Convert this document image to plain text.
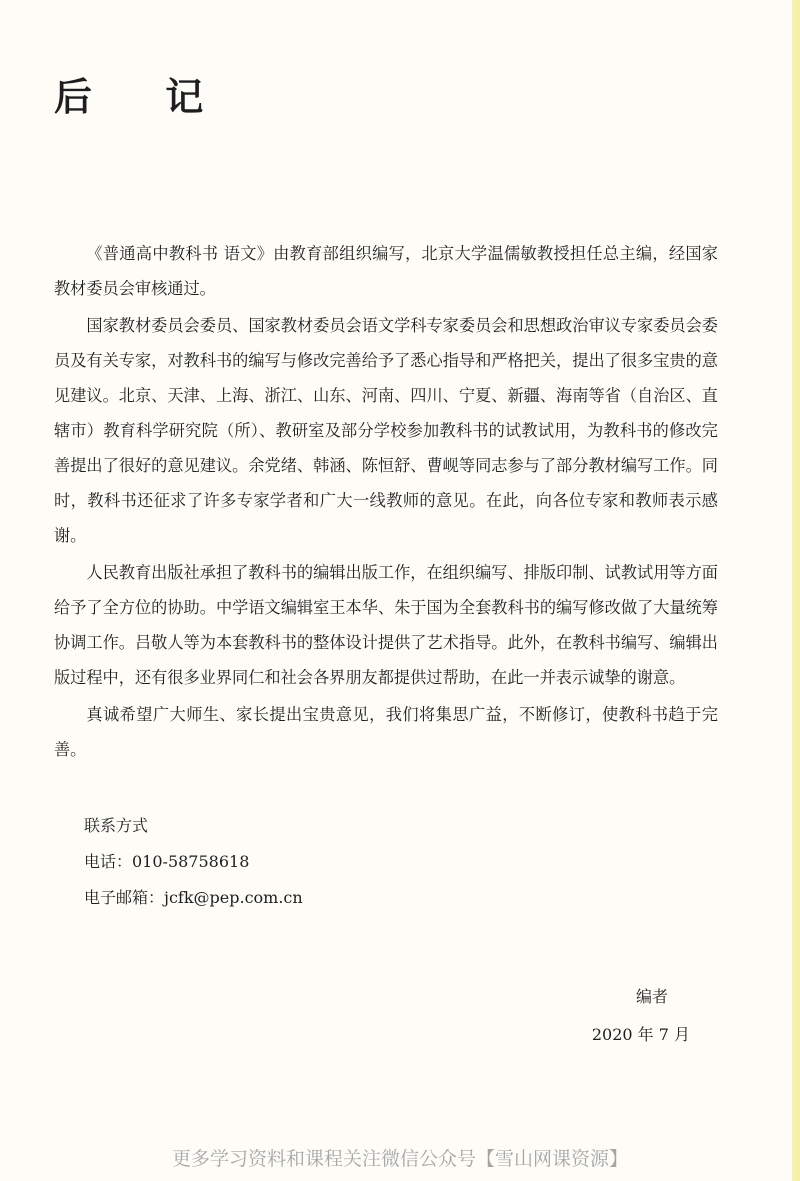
后 记

《普通高中教科书 语文》由教育部组织编写，北京大学温儒敏教授担任总主编，经国家教材委员会审核通过。

国家教材委员会委员、国家教材委员会语文学科专家委员会和思想政治审议专家委员会委员及有关专家，对教科书的编写与修改完善给予了悉心指导和严格把关，提出了很多宝贵的意见建议。北京、天津、上海、浙江、山东、河南、四川、宁夏、新疆、海南等省（自治区、直辖市）教育科学研究院（所）、教研室及部分学校参加教科书的试教试用，为教科书的修改完善提出了很好的意见建议。余党绪、韩涵、陈恒舒、曹岘等同志参与了部分教材编写工作。同时，教科书还征求了许多专家学者和广大一线教师的意见。在此，向各位专家和教师表示感谢。

人民教育出版社承担了教科书的编辑出版工作，在组织编写、排版印制、试教试用等方面给予了全方位的协助。中学语文编辑室王本华、朱于国为全套教科书的编写修改做了大量统筹协调工作。吕敬人等为本套教科书的整体设计提供了艺术指导。此外，在教科书编写、编辑出版过程中，还有很多业界同仁和社会各界朋友都提供过帮助，在此一并表示诚挚的谢意。

真诚希望广大师生、家长提出宝贵意见，我们将集思广益，不断修订，使教科书趋于完善。

联系方式
电话：010-58758618
电子邮箱：jcfk@pep.com.cn
编者
2020 年 7 月
更多学习资料和课程关注微信公众号【雪山网课资源】
